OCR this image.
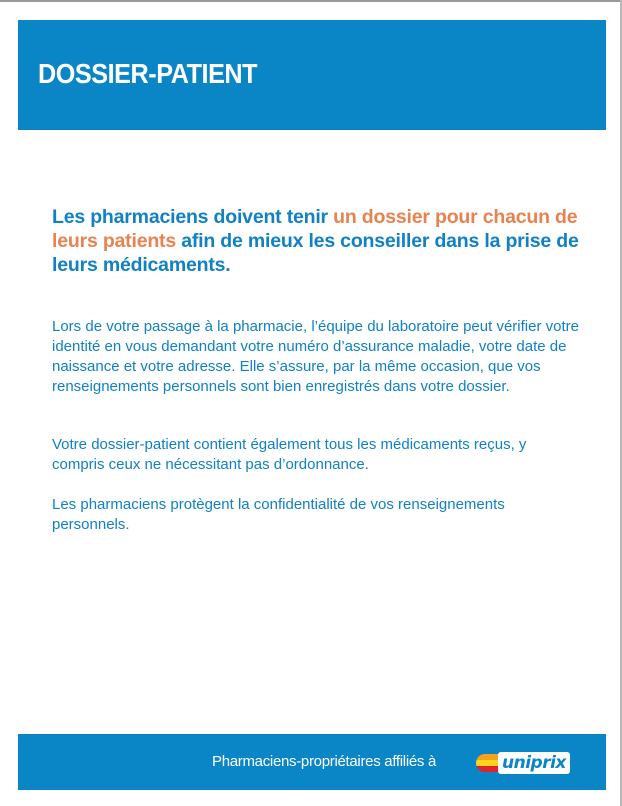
DOSSIER-PATIENT

Les pharmaciens doivent tenir un dossier pour chacun de leurs patients afin de mieux les conseiller dans la prise de leurs médicaments.

Lors de votre passage à la pharmacie, l’équipe du laboratoire peut vérifier votre identité en vous demandant votre numéro d’assurance maladie, votre date de naissance et votre adresse. Elle s’assure, par la même occasion, que vos renseignements personnels sont bien enregistrés dans votre dossier.

Votre dossier-patient contient également tous les médicaments reçus, y compris ceux ne nécessitant pas d’ordonnance.

Les pharmaciens protègent la confidentialité de vos renseignements personnels.

Pharmaciens-propriétaires affiliés à	uniprix
